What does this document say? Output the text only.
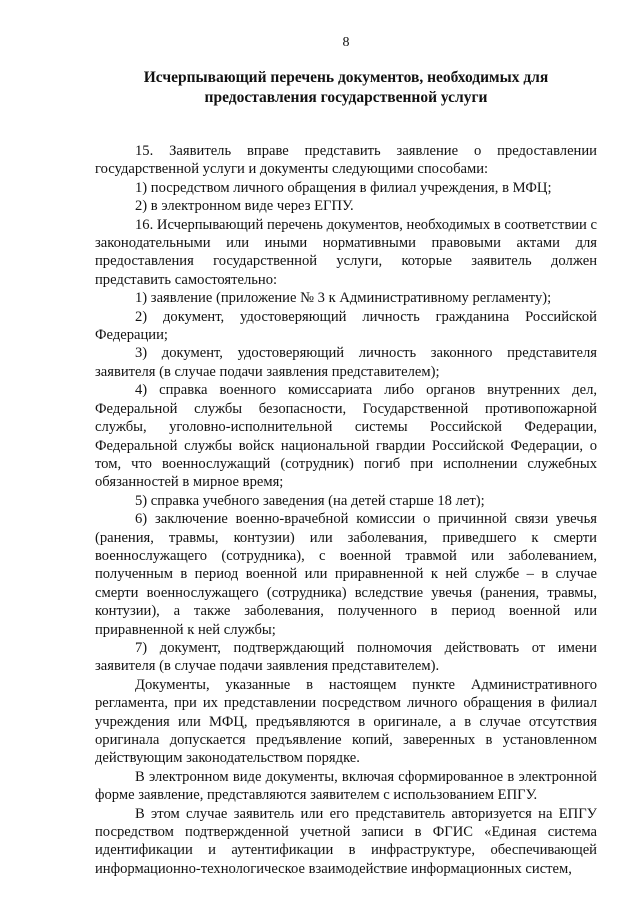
8
Исчерпывающий перечень документов, необходимых для
предоставления государственной услуги

15. Заявитель вправе представить заявление о предоставлении государственной услуги и документы следующими способами:

1) посредством личного обращения в филиал учреждения, в МФЦ;

2) в электронном виде через ЕГПУ.

16. Исчерпывающий перечень документов, необходимых в соответствии с законодательными или иными нормативными правовыми актами для предоставления государственной услуги, которые заявитель должен представить самостоятельно:

1) заявление (приложение № 3 к Административному регламенту);

2) документ, удостоверяющий личность гражданина Российской Федерации;

3) документ, удостоверяющий личность законного представителя заявителя (в случае подачи заявления представителем);

4) справка военного комиссариата либо органов внутренних дел, Федеральной службы безопасности, Государственной противопожарной службы, уголовно-исполнительной системы Российской Федерации, Федеральной службы войск национальной гвардии Российской Федерации, о том, что военнослужащий (сотрудник) погиб при исполнении служебных обязанностей в мирное время;

5) справка учебного заведения (на детей старше 18 лет);

6) заключение военно-врачебной комиссии о причинной связи увечья (ранения, травмы, контузии) или заболевания, приведшего к смерти военнослужащего (сотрудника), с военной травмой или заболеванием, полученным в период военной или приравненной к ней службе – в случае смерти военнослужащего (сотрудника) вследствие увечья (ранения, травмы, контузии), а также заболевания, полученного в период военной или приравненной к ней службы;

7) документ, подтверждающий полномочия действовать от имени заявителя (в случае подачи заявления представителем).

Документы, указанные в настоящем пункте Административного регламента, при их представлении посредством личного обращения в филиал учреждения или МФЦ, предъявляются в оригинале, а в случае отсутствия оригинала допускается предъявление копий, заверенных в установленном действующим законодательством порядке.

В электронном виде документы, включая сформированное в электронной форме заявление, представляются заявителем с использованием ЕПГУ.

В этом случае заявитель или его представитель авторизуется на ЕПГУ посредством подтвержденной учетной записи в ФГИС «Единая система идентификации и аутентификации в инфраструктуре, обеспечивающей информационно-технологическое взаимодействие информационных систем,
